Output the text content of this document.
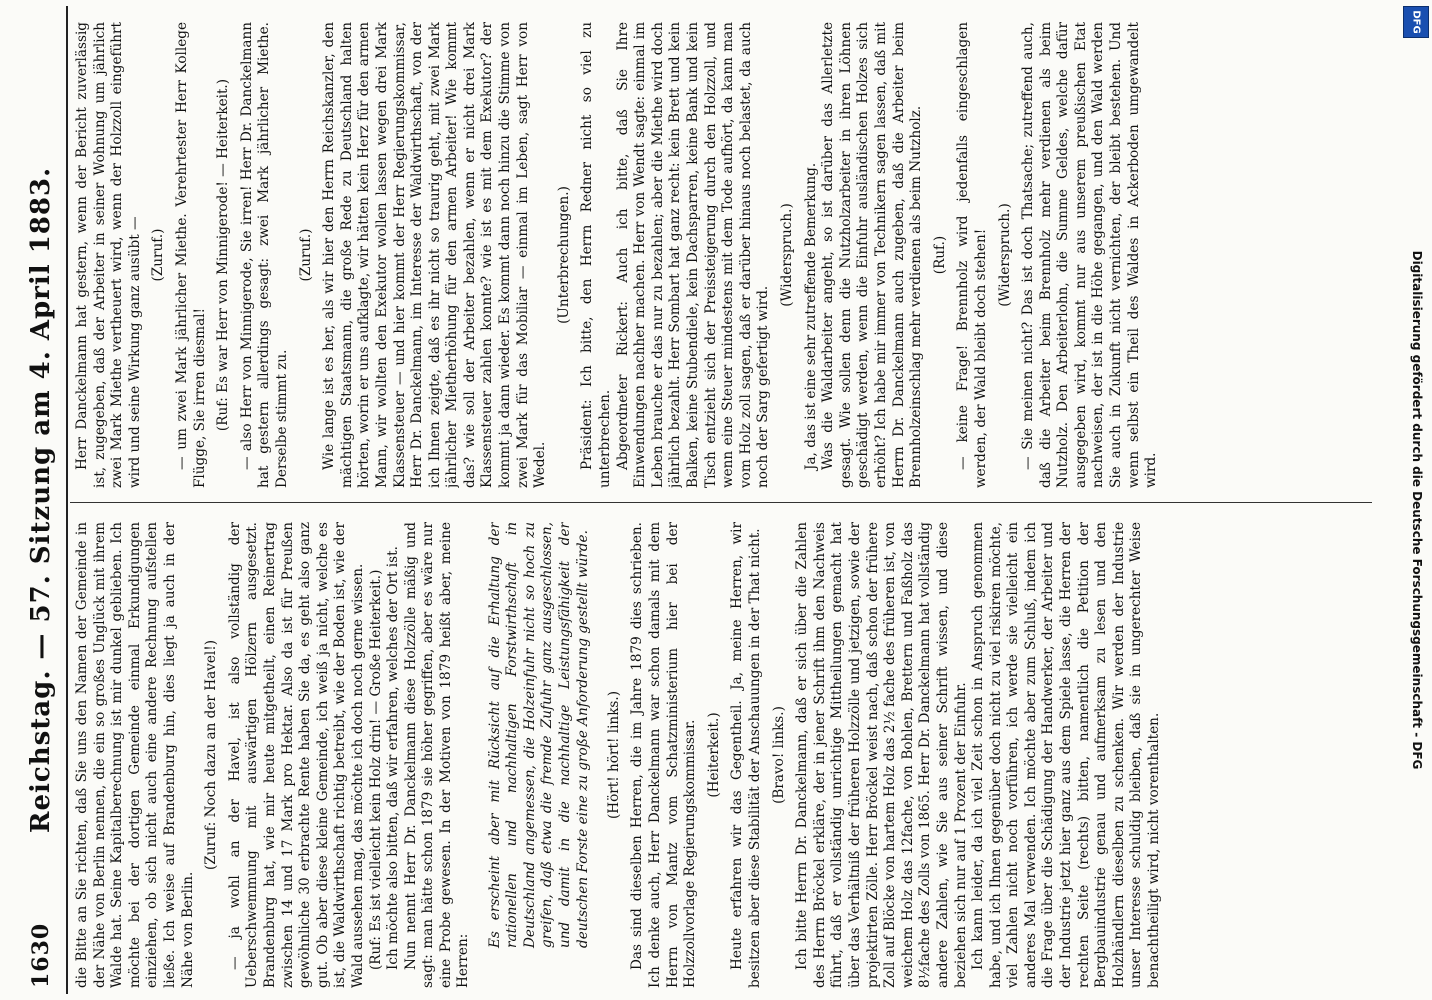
1630
Reichstag. — 57. Sitzung am 4. April 1883. die Bitte an Sie richten, daß Sie uns den Namen der Gemeinde in der Nähe von Berlin nennen, die ein so großes Unglück mit ihrem Walde hat. Seine Kapitalberechnung ist mir dunkel geblieben. Ich möchte bei der dortigen Gemeinde einmal Erkundigungen einziehen, ob sich nicht auch eine andere Rechnung aufstellen ließe. Ich weise auf Brandenburg hin, dies liegt ja auch in der Nähe von Berlin.

(Zuruf: Noch dazu an der Havel!) — ja wohl an der Havel, ist also vollständig der Ueberschwemmung mit auswärtigen Hölzern ausgesetzt. Brandenburg hat, wie mir heute mitgetheilt, einen Reinertrag zwischen 14 und 17 Mark pro Hektar. Also da ist für Preußen gewöhnliche 30 erbrachte Rente haben Sie da, es geht also ganz gut. Ob aber diese kleine Gemeinde, ich weiß ja nicht, welche es ist, die Waldwirthschaft richtig betreibt, wie der Boden ist, wie der Wald aussehen mag, das möchte ich doch noch gerne wissen. (Ruf: Es ist vielleicht kein Holz drin! — Große Heiterkeit.) Ich möchte also bitten, daß wir erfahren, welches der Ort ist. Nun nennt Herr Dr. Danckelmann diese Holzzölle mäßig und sagt: man hätte schon 1879 sie höher gegriffen, aber es wäre nur eine Probe gewesen. In der Motiven von 1879 heißt aber, meine Herren:

Es erscheint aber mit Rücksicht auf die Erhaltung der rationellen und nachhaltigen Forstwirthschaft in Deutschland angemessen, die Holzeinfuhr nicht so hoch zu greifen, daß etwa die fremde Zufuhr ganz ausgeschlossen, und damit in die nachhaltige Leistungsfähigkeit der deutschen Forste eine zu große Anforderung gestellt würde. (Hört! hört! links.) Das sind dieselben Herren, die im Jahre 1879 dies schrieben. Ich denke auch, Herr Danckelmann war schon damals mit dem Herrn von Mantz vom Schatzministerium hier bei der Holzzollvorlage Regierungskommissar. (Heiterkeit.) Heute erfahren wir das Gegentheil. Ja, meine Herren, wir besitzen aber diese Stabilität der Anschauungen in der That nicht. (Bravo! links.) Ich bitte Herrn Dr. Danckelmann, daß er sich über die Zahlen des Herrn Bröckel erkläre, der in jener Schrift ihm den Nachweis führt, daß er vollständig unrichtige Mittheilungen gemacht hat über das Verhältniß der früheren Holzzölle und jetzigen, sowie der projektirten Zölle. Herr Bröckel weist nach, daß schon der frühere Zoll auf Blöcke von hartem Holz das 2½ fache des früheren ist, von weichem Holz das 12fache, von Bohlen, Brettern und Faßholz das 8½fache des Zolls von 1865. Herr Dr. Danckelmann hat vollständig andere Zahlen, wie Sie aus seiner Schrift wissen, und diese beziehen sich nur auf 1 Prozent der Einfuhr. Ich kann leider, da ich viel Zeit schon in Anspruch genommen habe, und ich Ihnen gegenüber doch nicht zu viel riskiren möchte, viel Zahlen nicht noch vorführen, ich werde sie vielleicht ein anderes Mal verwenden. Ich möchte aber zum Schluß, indem ich die Frage über die Schädigung der Handwerker, der Arbeiter und der Industrie jetzt hier ganz aus dem Spiele lasse, die Herren der rechten Seite (rechts) bitten, namentlich die Petition der Bergbauindustrie genau und aufmerksam zu lesen und den Holzhändlern dieselben zu schenken. Wir werden der Industrie unser Interesse schuldig bleiben, daß sie in ungerechter Weise benachtheiligt wird, nicht vorenthalten.

Herr Danckelmann hat gestern, wenn der Bericht zuverlässig ist, zugegeben, daß der Arbeiter in seiner Wohnung um jährlich zwei Mark Miethe vertheuert wird, wenn der Holzzoll eingeführt wird und seine Wirkung ganz ausübt — (Zuruf.) — um zwei Mark jährlicher Miethe. Verehrtester Herr Kollege Flügge, Sie irren diesmal! (Ruf: Es war Herr von Minnigerode! — Heiterkeit.) — also Herr von Minnigerode, Sie irren! Herr Dr. Danckelmann hat gestern allerdings gesagt: zwei Mark jährlicher Miethe. Derselbe stimmt zu.

(Zuruf.) Wie lange ist es her, als wir hier den Herrn Reichskanzler, den mächtigen Staatsmann, die große Rede zu Deutschland halten hörten, worin er uns aufklagte, wir hätten kein Herz für den armen Mann, wir wollten den Exekutor wollen lassen wegen drei Mark Klassensteuer — und hier kommt der Herr Regierungskommissar, Herr Dr. Danckelmann, im Interesse der Waldwirthschaft, von der ich Ihnen zeigte, daß es ihr nicht so traurig geht, mit zwei Mark jährlicher Mietherhöhung für den armen Arbeiter! Wie kommt das? wie soll der Arbeiter bezahlen, wenn er nicht drei Mark Klassensteuer zahlen konnte? wie ist es mit dem Exekutor? der kommt ja dann wieder. Es kommt dann noch hinzu die Stimme von zwei Mark für das Mobiliar — einmal im Leben, sagt Herr von Wedel.

(Unterbrechungen.) Präsident: Ich bitte, den Herrn Redner nicht so viel zu unterbrechen. Abgeordneter Rickert: Auch ich bitte, daß Sie Ihre Einwendungen nachher machen. Herr von Wendt sagte: einmal im Leben brauche er das nur zu bezahlen; aber die Miethe wird doch jährlich bezahlt. Herr Sombart hat ganz recht: kein Brett und kein Balken, keine Stubendiele, kein Dachsparren, keine Bank und kein Tisch entzieht sich der Preissteigerung durch den Holzzoll, und wenn eine Steuer mindestens mit dem Tode aufhört, da kann man vom Holz zoll sagen, daß er darüber hinaus noch belastet, da auch noch der Sarg gefertigt wird.

(Widerspruch.) Ja, das ist eine sehr zutreffende Bemerkung. Was die Waldarbeiter angeht, so ist darüber das Allerletzte gesagt. Wie sollen denn die Nutzholzarbeiter in ihren Löhnen geschädigt werden, wenn die Einfuhr ausländischen Holzes sich erhöht? Ich habe mir immer von Technikern sagen lassen, daß mit Herrn Dr. Danckelmann auch zugeben, daß die Arbeiter beim Brennholzeinschlag mehr verdienen als beim Nutzholz. (Ruf.) — keine Frage! Brennholz wird jedenfalls eingeschlagen werden, der Wald bleibt doch stehen! (Widerspruch.) — Sie meinen nicht? Das ist doch Thatsache; zutreffend auch, daß die Arbeiter beim Brennholz mehr verdienen als beim Nutzholz. Den Arbeiterlohn, die Summe Geldes, welche dafür ausgegeben wird, kommt nur aus unserem preußischen Etat nachweisen, der ist in die Höhe gegangen, und den Wald werden Sie auch in Zukunft nicht vernichten, der bleibt bestehen. Und wenn selbst ein Theil des Waldes in Ackerboden umgewandelt wird.

DFG
Digitalisierung gefördert durch die Deutsche Forschungsgemeinschaft - DFG
